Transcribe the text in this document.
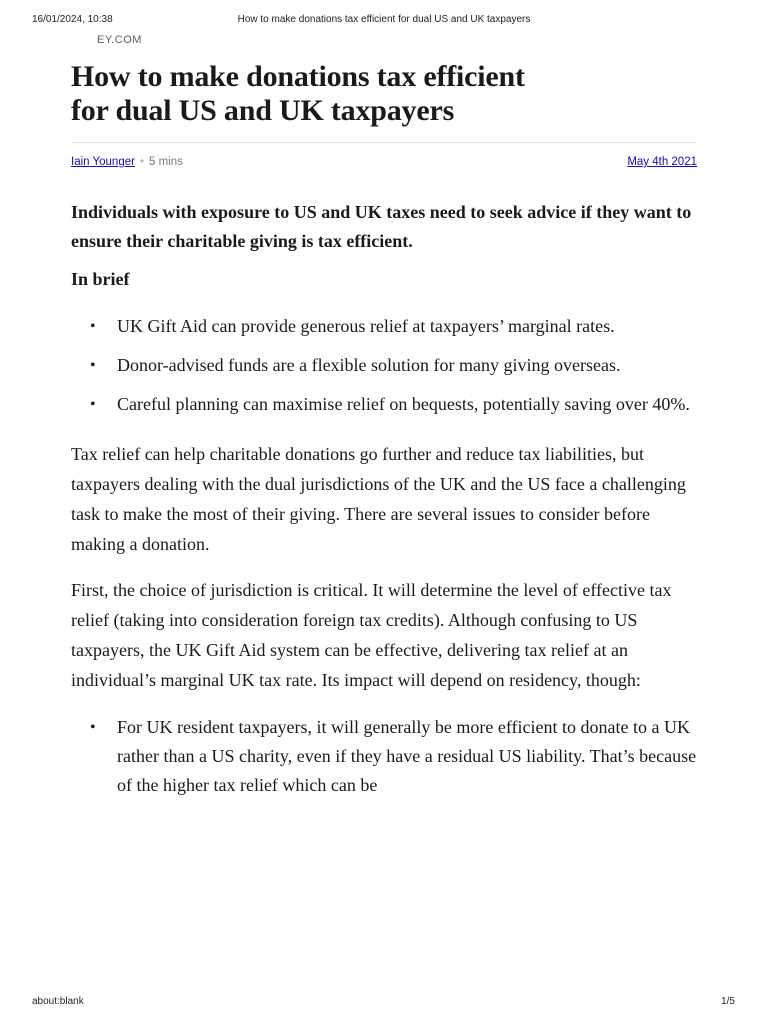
16/01/2024, 10:38	How to make donations tax efficient for dual US and UK taxpayers
EY.COM
How to make donations tax efficient
for dual US and UK taxpayers
Iain Younger • 5 mins	May 4th 2021

Individuals with exposure to US and UK taxes need to seek advice if they want to ensure their charitable giving is tax efficient.

In brief
• UK Gift Aid can provide generous relief at taxpayers’ marginal rates.
• Donor-advised funds are a flexible solution for many giving overseas.
• Careful planning can maximise relief on bequests, potentially saving over 40%.

Tax relief can help charitable donations go further and reduce tax liabilities, but taxpayers dealing with the dual jurisdictions of the UK and the US face a challenging task to make the most of their giving. There are several issues to consider before making a donation.

First, the choice of jurisdiction is critical. It will determine the level of effective tax relief (taking into consideration foreign tax credits). Although confusing to US taxpayers, the UK Gift Aid system can be effective, delivering tax relief at an individual’s marginal UK tax rate. Its impact will depend on residency, though:

• For UK resident taxpayers, it will generally be more efficient to donate to a UK rather than a US charity, even if they have a residual US liability. That’s because of the higher tax relief which can be
about:blank	1/5
